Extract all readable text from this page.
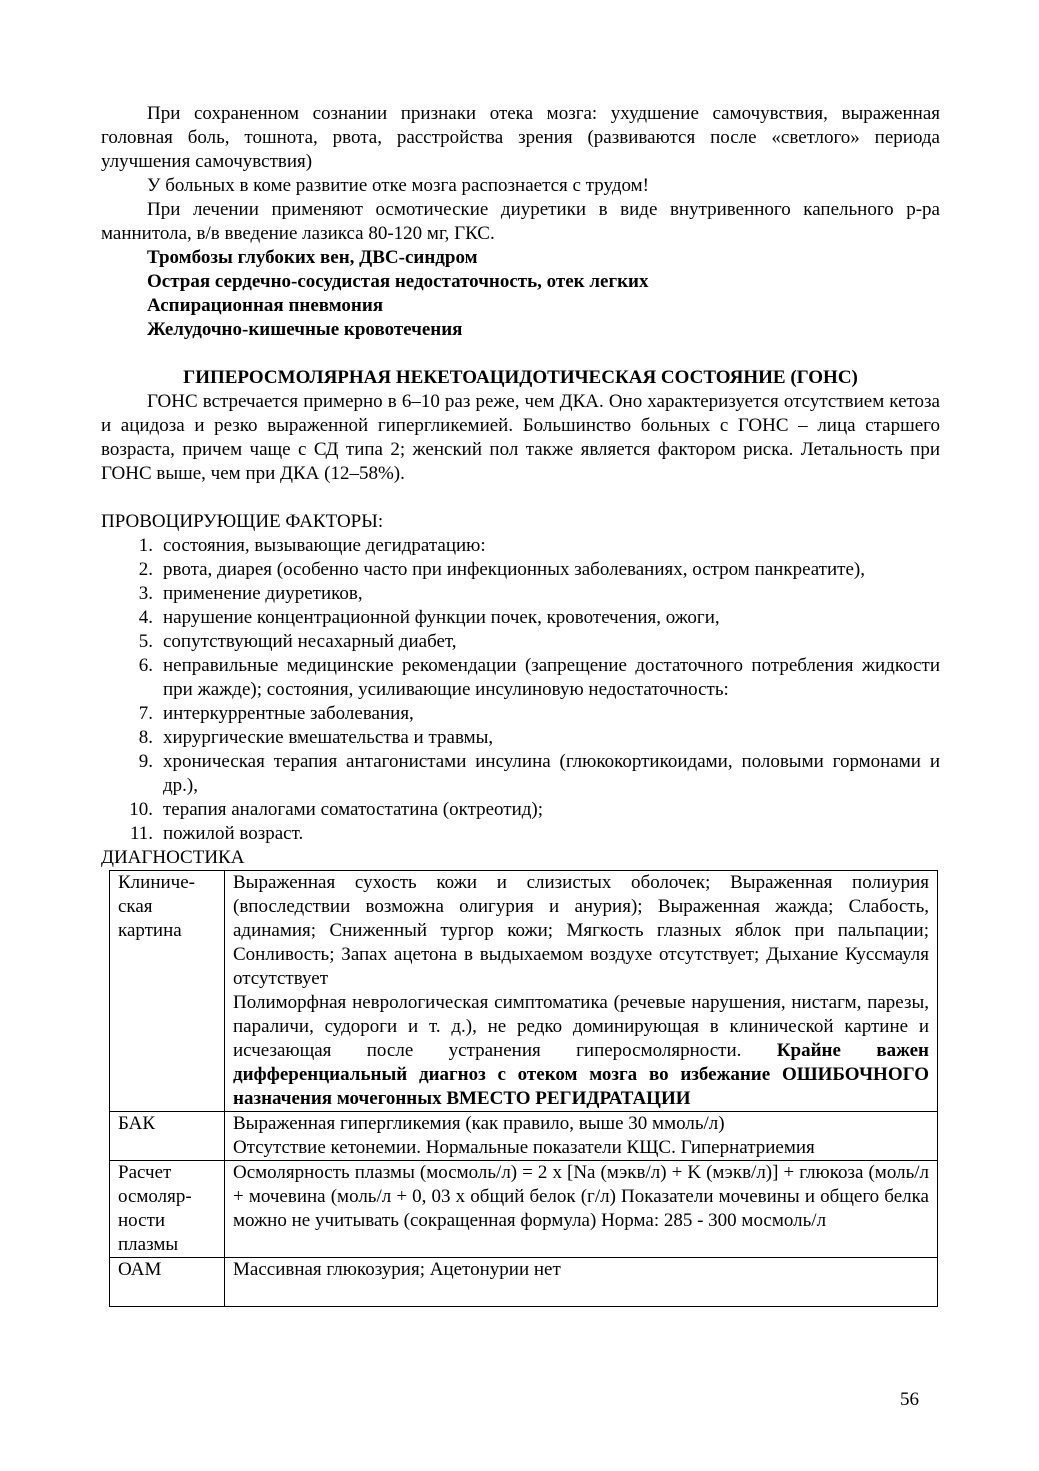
При сохраненном сознании признаки отека мозга: ухудшение самочувствия, выраженная головная боль, тошнота, рвота, расстройства зрения (развиваются после «светлого» периода улучшения самочувствия)

У больных в коме развитие отке мозга распознается с трудом!

При лечении применяют осмотические диуретики в виде внутривенного капельного р-ра маннитола, в/в введение лазикса 80-120 мг, ГКС.

Тромбозы глубоких вен, ДВС-синдром

Острая сердечно-сосудистая недостаточность, отек легких

Аспирационная пневмония

Желудочно-кишечные кровотечения

ГИПЕРОСМОЛЯРНАЯ НЕКЕТОАЦИДОТИЧЕСКАЯ СОСТОЯНИЕ (ГОНС)

ГОНС встречается примерно в 6–10 раз реже, чем ДКА. Оно характеризуется отсутствием кетоза и ацидоза и резко выраженной гипергликемией. Большинство больных с ГОНС – лица старшего возраста, причем чаще с СД типа 2; женский пол также является фактором риска. Летальность при ГОНС выше, чем при ДКА (12–58%).

ПРОВОЦИРУЮЩИЕ ФАКТОРЫ:

1 . состояния, вызывающие дегидратацию:
2 . рвота, диарея (особенно часто при инфекционных заболеваниях, остром панкреатите),
3 . применение диуретиков,
4 . нарушение концентрационной функции почек, кровотечения, ожоги,
5 . сопутствующий несахарный диабет,
6 . неправильные медицинские рекомендации (запрещение достаточного потребления жидкости при жажде); состояния, усиливающие инсулиновую недостаточность:
7 . интеркуррентные заболевания,
8 . хирургические вмешательства и травмы,
9 . хроническая терапия антагонистами инсулина (глюкокортикоидами, половыми гормонами и др.),
10 . терапия аналогами соматостатина (октреотид);
11 . пожилой возраст.

ДИАГНОСТИКА

Клиниче-ская картина	Выраженная сухость кожи и слизистых оболочек; Выраженная полиурия (впоследствии возможна олигурия и анурия); Выраженная жажда; Слабость, адинамия; Сниженный тургор кожи; Мягкость глазных яблок при пальпации; Сонливость; Запах ацетона в выдыхаемом воздухе отсутствует; Дыхание Куссмауля отсутствует
Полиморфная неврологическая симптоматика (речевые нарушения, нистагм, парезы, параличи, судороги и т. д.), не редко доминирующая в клинической картине и исчезающая после устранения гиперосмолярности. Крайне важен дифференциальный диагноз с отеком мозга во избежание ОШИБОЧНОГО назначения мочегонных ВМЕСТО РЕГИДРАТАЦИИ

БАК	Выраженная гипергликемия (как правило, выше 30 ммоль/л)
Отсутствие кетонемии. Нормальные показатели КЩС. Гипернатриемия

Расчет осмоляр-ности плазмы	Осмолярность плазмы (мосмоль/л) = 2 x [Na (мэкв/л) + K (мэкв/л)] + глюкоза (моль/л + мочевина (моль/л + 0, 03 x общий белок (г/л) Показатели мочевины и общего белка можно не учитывать (сокращенная формула) Норма: 285 - 300 мосмоль/л

ОАМ	Массивная глюкозурия; Ацетонурии нет
56
